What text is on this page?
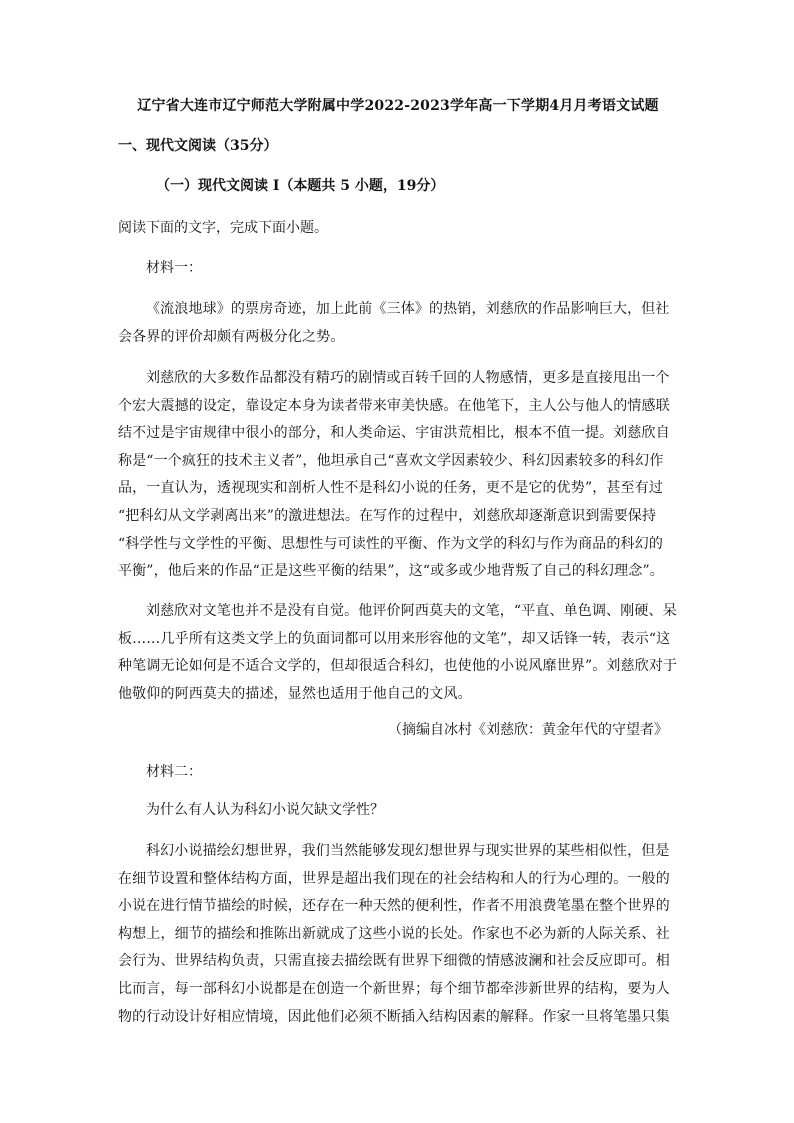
辽宁省大连市辽宁师范大学附属中学2022-2023学年高一下学期4月月考语文试题
一、现代文阅读（35分）
（一）现代文阅读 I（本题共 5 小题，19分）
阅读下面的文字，完成下面小题。
材料一：
《流浪地球》的票房奇迹，加上此前《三体》的热销，刘慈欣的作品影响巨大，但社
会各界的评价却颇有两极分化之势。
刘慈欣的大多数作品都没有精巧的剧情或百转千回的人物感情，更多是直接甩出一个
个宏大震撼的设定，靠设定本身为读者带来审美快感。在他笔下，主人公与他人的情感联
结不过是宇宙规律中很小的部分，和人类命运、宇宙洪荒相比，根本不值一提。刘慈欣自
称是“一个疯狂的技术主义者”，他坦承自己“喜欢文学因素较少、科幻因素较多的科幻作
品，一直认为，透视现实和剖析人性不是科幻小说的任务，更不是它的优势”，甚至有过
“把科幻从文学剥离出来”的激进想法。在写作的过程中，刘慈欣却逐渐意识到需要保持
“科学性与文学性的平衡、思想性与可读性的平衡、作为文学的科幻与作为商品的科幻的
平衡”，他后来的作品“正是这些平衡的结果”，这“或多或少地背叛了自己的科幻理念”。
刘慈欣对文笔也并不是没有自觉。他评价阿西莫夫的文笔，“平直、单色调、刚硬、呆
板……几乎所有这类文学上的负面词都可以用来形容他的文笔”，却又话锋一转，表示“这
种笔调无论如何是不适合文学的，但却很适合科幻，也使他的小说风靡世界”。刘慈欣对于
他敬仰的阿西莫夫的描述，显然也适用于他自己的文风。
（摘编自冰村《刘慈欣：黄金年代的守望者》
材料二：
为什么有人认为科幻小说欠缺文学性？
科幻小说描绘幻想世界，我们当然能够发现幻想世界与现实世界的某些相似性，但是
在细节设置和整体结构方面，世界是超出我们现在的社会结构和人的行为心理的。一般的
小说在进行情节描绘的时候，还存在一种天然的便利性，作者不用浪费笔墨在整个世界的
构想上，细节的描绘和推陈出新就成了这些小说的长处。作家也不必为新的人际关系、社
会行为、世界结构负责，只需直接去描绘既有世界下细微的情感波澜和社会反应即可。相
比而言，每一部科幻小说都是在创造一个新世界；每个细节都牵涉新世界的结构，要为人
物的行动设计好相应情境，因此他们必须不断插入结构因素的解释。作家一旦将笔墨只集
